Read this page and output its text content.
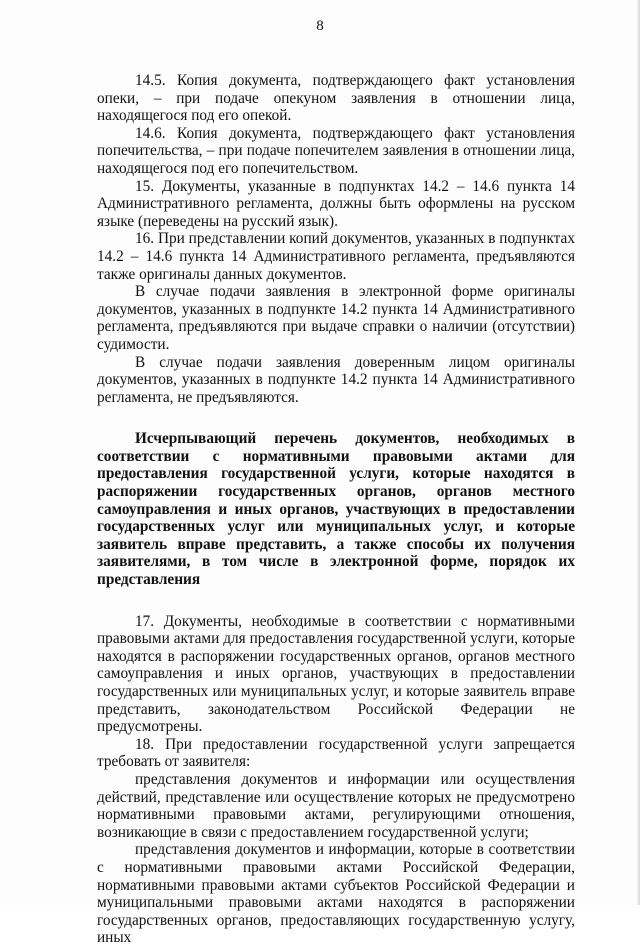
8

14.5. Копия документа, подтверждающего факт установления опеки, – при подаче опекуном заявления в отношении лица, находящегося под его опекой.

14.6. Копия документа, подтверждающего факт установления попечительства, – при подаче попечителем заявления в отношении лица, находящегося под его попечительством.

15. Документы, указанные в подпунктах 14.2 – 14.6 пункта 14 Административного регламента, должны быть оформлены на русском языке (переведены на русский язык).

16. При представлении копий документов, указанных в подпунктах 14.2 – 14.6 пункта 14 Административного регламента, предъявляются также оригиналы данных документов.

В случае подачи заявления в электронной форме оригиналы документов, указанных в подпункте 14.2 пункта 14 Административного регламента, предъявляются при выдаче справки о наличии (отсутствии) судимости.

В случае подачи заявления доверенным лицом оригиналы документов, указанных в подпункте 14.2 пункта 14 Административного регламента, не предъявляются.

Исчерпывающий перечень документов, необходимых в соответствии с нормативными правовыми актами для предоставления государственной услуги, которые находятся в распоряжении государственных органов, органов местного самоуправления и иных органов, участвующих в предоставлении государственных услуг или муниципальных услуг, и которые заявитель вправе представить, а также способы их получения заявителями, в том числе в электронной форме, порядок их представления

17. Документы, необходимые в соответствии с нормативными правовыми актами для предоставления государственной услуги, которые находятся в распоряжении государственных органов, органов местного самоуправления и иных органов, участвующих в предоставлении государственных или муниципальных услуг, и которые заявитель вправе представить, законодательством Российской Федерации не предусмотрены.

18. При предоставлении государственной услуги запрещается требовать от заявителя:

представления документов и информации или осуществления действий, представление или осуществление которых не предусмотрено нормативными правовыми актами, регулирующими отношения, возникающие в связи с предоставлением государственной услуги;

представления документов и информации, которые в соответствии с нормативными правовыми актами Российской Федерации, нормативными правовыми актами субъектов Российской Федерации и муниципальными правовыми актами находятся в распоряжении государственных органов, предоставляющих государственную услугу, иных
